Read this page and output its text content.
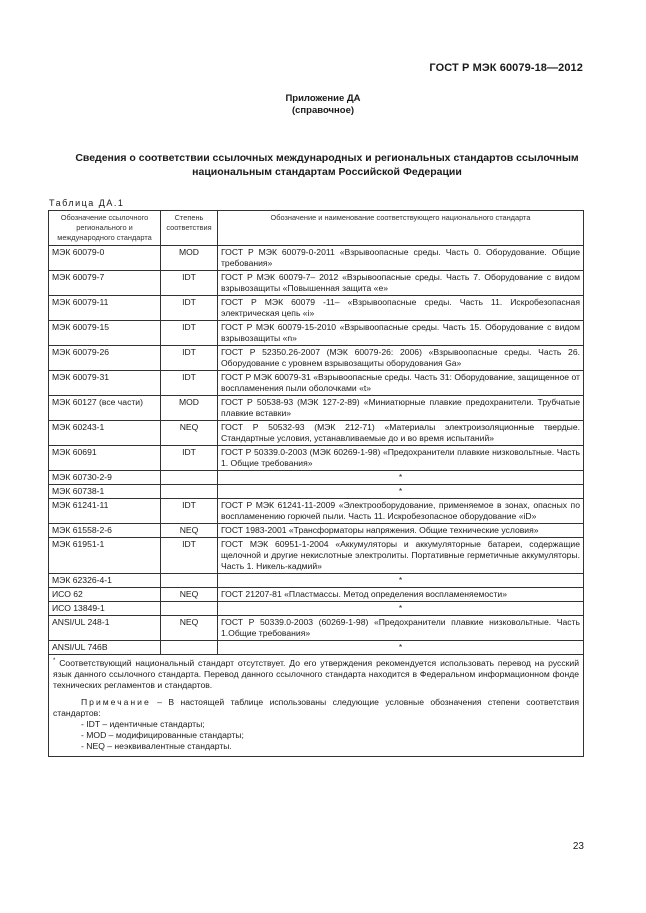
ГОСТ Р МЭК 60079-18—2012
Приложение ДА
(справочное)
Сведения о соответствии ссылочных международных и региональных стандартов ссылочным
национальным стандартам Российской Федерации
Таблица ДА.1
Обозначение ссылочного регионального и международного стандарта	Степень соответствия	Обозначение и наименование соответствующего национального стандарта
МЭК 60079-0	MOD	ГОСТ Р МЭК 60079-0-2011 «Взрывоопасные среды. Часть 0. Оборудование. Общие требования»
МЭК 60079-7	IDT	ГОСТ Р МЭК 60079-7– 2012 «Взрывоопасные среды. Часть 7. Оборудование с видом взрывозащиты «Повышенная защита «е»
МЭК 60079-11	IDT	ГОСТ Р МЭК 60079 -11– «Взрывоопасные среды. Часть 11. Искробезопасная электрическая цепь «i»
МЭК 60079-15	IDT	ГОСТ Р МЭК 60079-15-2010 «Взрывоопасные среды. Часть 15. Оборудование с видом взрывозащиты «n»
МЭК 60079-26	IDT	ГОСТ Р 52350.26-2007 (МЭК 60079-26: 2006) «Взрывоопасные среды. Часть 26. Оборудование с уровнем взрывозащиты оборудования Ga»
МЭК 60079-31	IDT	ГОСТ Р МЭК 60079-31 «Взрывоопасные среды. Часть 31: Оборудование, защищенное от воспламенения пыли оболочками «t»
МЭК 60127 (все части)	MOD	ГОСТ Р 50538-93 (МЭК 127-2-89) «Миниатюрные плавкие предохранители. Трубчатые плавкие вставки»
МЭК 60243-1	NEQ	ГОСТ Р 50532-93 (МЭК 212-71) «Материалы электроизоляционные твердые. Стандартные условия, устанавливаемые до и во время испытаний»
МЭК 60691	IDT	ГОСТ Р 50339.0-2003 (МЭК 60269-1-98) «Предохранители плавкие низковольтные. Часть 1. Общие требования»
МЭК 60730-2-9		*
МЭК 60738-1		*
МЭК 61241-11	IDT	ГОСТ Р МЭК 61241-11-2009 «Электрооборудование, применяемое в зонах, опасных по воспламенению горючей пыли. Часть 11. Искробезопасное оборудование «iD»
МЭК 61558-2-6	NEQ	ГОСТ 1983-2001 «Трансформаторы напряжения. Общие технические условия»
МЭК 61951-1	IDT	ГОСТ МЭК 60951-1-2004 «Аккумуляторы и аккумуляторные батареи, содержащие щелочной и другие некислотные электролиты. Портативные герметичные аккумуляторы. Часть 1. Никель-кадмий»
МЭК 62326-4-1		*
ИСО 62	NEQ	ГОСТ 21207-81 «Пластмассы. Метод определения воспламеняемости»
ИСО 13849-1		*
ANSI/UL 248-1	NEQ	ГОСТ Р 50339.0-2003 (60269-1-98) «Предохранители плавкие низковольтные. Часть 1.Общие требования»
ANSI/UL 746B		*

* Соответствующий национальный стандарт отсутствует. До его утверждения рекомендуется использовать перевод на русский язык данного ссылочного стандарта. Перевод данного ссылочного стандарта находится в Федеральном информационном фонде технических регламентов и стандартов.
Примечание – В настоящей таблице использованы следующие условные обозначения степени соответствия стандартов:
- IDT – идентичные стандарты;
- MOD – модифицированные стандарты;
- NEQ – неэквивалентные стандарты.		
23
